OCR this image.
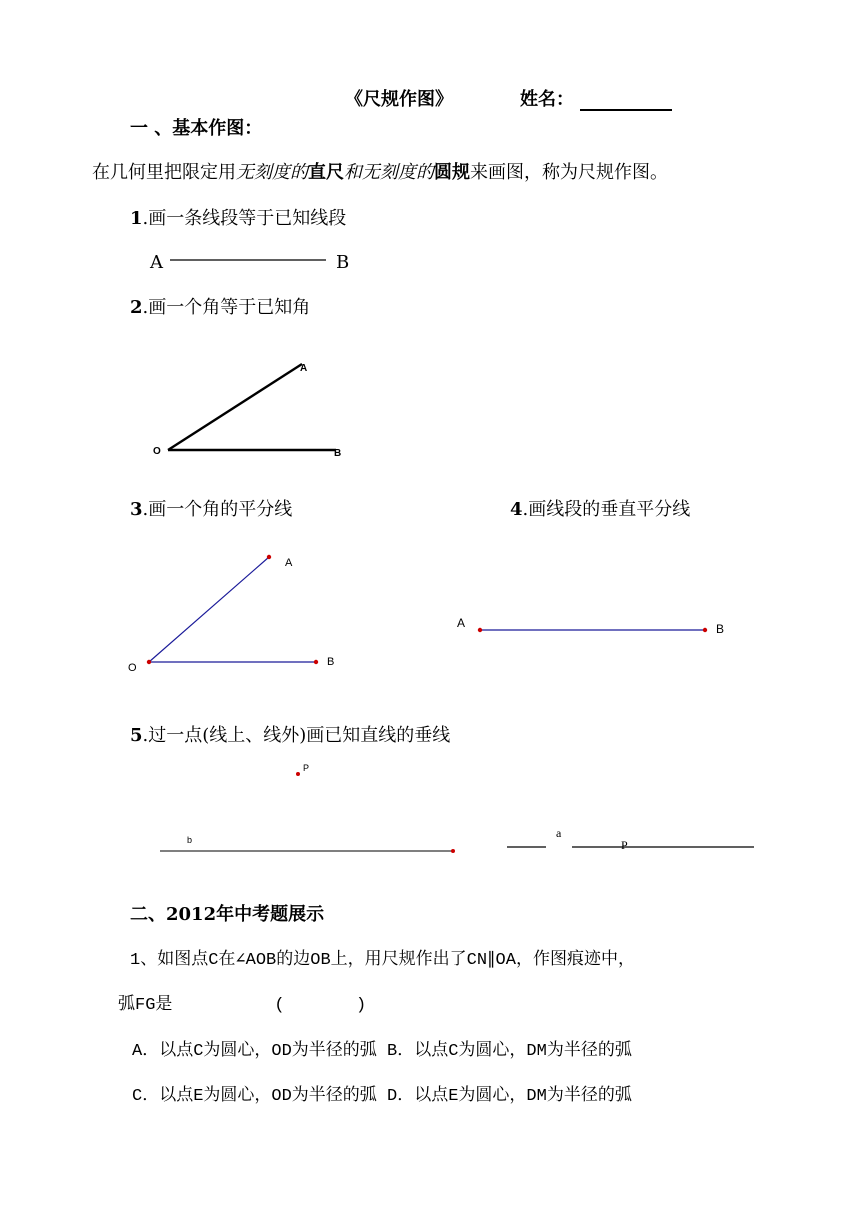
《尺规作图》	姓名：
一 、基本作图：
在几何里把限定用无刻度的直尺和无刻度的圆规来画图，称为尺规作图。
1.画一条线段等于已知线段
A	B
2.画一个角等于已知角
3.画一个角的平分线	4.画线段的垂直平分线
5.过一点(线上、线外)画已知直线的垂线
O
A
B
O
A
B
A	B
P
b	a
P
二、2012年中考题展示
1、如图点C在∠AOB的边OB上，用尺规作出了CN∥OA，作图痕迹中，
弧FG是          (       )
A．以点C为圆心，OD为半径的弧 B．以点C为圆心，DM为半径的弧
C．以点E为圆心，OD为半径的弧 D．以点E为圆心，DM为半径的弧
